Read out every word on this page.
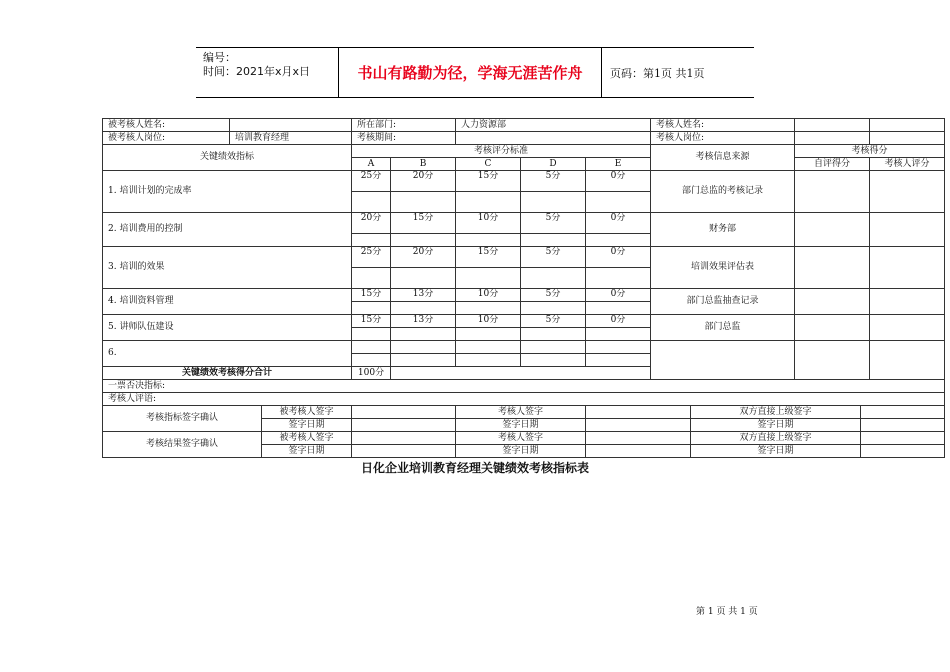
编号：
时间：2021年x月x日	书山有路勤为径，学海无涯苦作舟	页码：第1页 共1页
被考核人姓名:			所在部门:		人力资源部			考核人姓名:				
被考核人岗位:	培训教育经理		考核期间:					考核人岗位:				
关键绩效指标			考核评分标准					考核信息来源		考核得分		
			A	B	C	D	E			自评得分		考核人评分
1. 培训计划的完成率			25分	20分	15分	5分	0分	部门总监的考核记录				

2. 培训费用的控制			20分	15分	10分	5分	0分	财务部				

3. 培训的效果			25分	20分	15分	5分	0分	培训效果评估表				

4. 培训资料管理			15分	13分	10分	5分	0分	部门总监抽查记录				

5. 讲师队伍建设			15分	13分	10分	5分	0分	部门总监				

6.												

关键绩效考核得分合计			100分									
一票否决指标:												
考核人评语:												
考核指标签字确认		被考核人签字			考核人签字				双方直接上级签字			
		签字日期			签字日期				签字日期			
考核结果签字确认		被考核人签字			考核人签字				双方直接上级签字			
		签字日期			签字日期				签字日期			
日化企业培训教育经理关键绩效考核指标表
第 1 页 共 1 页
